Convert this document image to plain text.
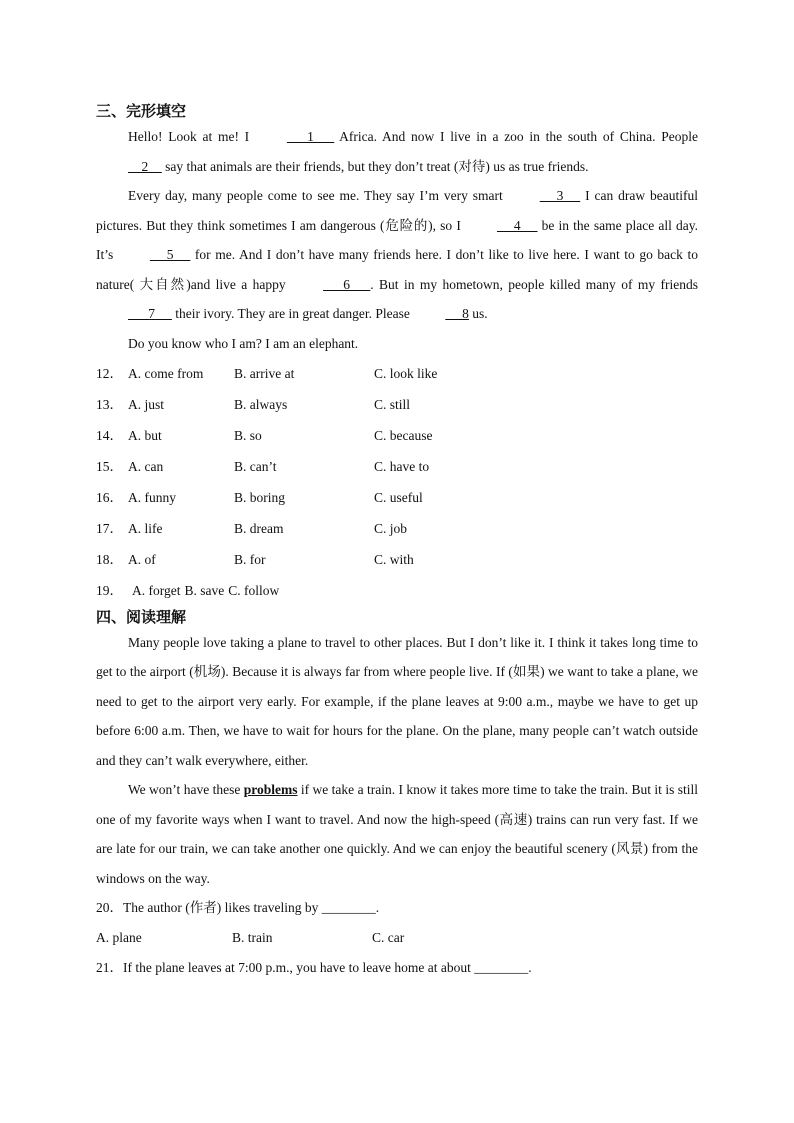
三、完形填空

Hello! Look at me! I       1       Africa. And now I live in a zoo in the south of China. People     2     say that animals are their friends, but they don’t treat (对待) us as true friends.

Every day, many people come to see me. They say I’m very smart      3      I can draw beautiful pictures. But they think sometimes I am dangerous (危险的), so I      4      be in the same place all day. It’s      5      for me. And I don’t have many friends here. I don’t like to live here. I want to go back to nature( 大自然)and live a happy       6      . But in my hometown, people killed many of my friends       7      their ivory. They are in great danger. Please      8 us.

Do you know who I am? I am an elephant.

12． A. come from	B. arrive at	C. look like
13． A. just	B. always	C. still
14． A. but	B. so	C. because
15． A. can	B. can’t	C. have to
16． A. funny	B. boring	C. useful
17． A. life	B. dream	C. job
18． A. of	B. for	C. with
19． A. forget B. save C. follow

四、阅读理解

Many people love taking a plane to travel to other places. But I don’t like it. I think it takes long time to get to the airport (机场). Because it is always far from where people live. If (如果) we want to take a plane, we need to get to the airport very early. For example, if the plane leaves at 9:00 a.m., maybe we have to get up before 6:00 a.m. Then, we have to wait for hours for the plane. On the plane, many people can’t watch outside and they can’t walk everywhere, either.

We won’t have these problems if we take a train. I know it takes more time to take the train. But it is still one of my favorite ways when I want to travel. And now the high-speed (高速) trains can run very fast. If we are late for our train, we can take another one quickly. And we can enjoy the beautiful scenery (风景) from the windows on the way.

20．The author (作者) likes traveling by ________.

A. plane	B. train	C. car

21．If the plane leaves at 7:00 p.m., you have to leave home at about ________.
